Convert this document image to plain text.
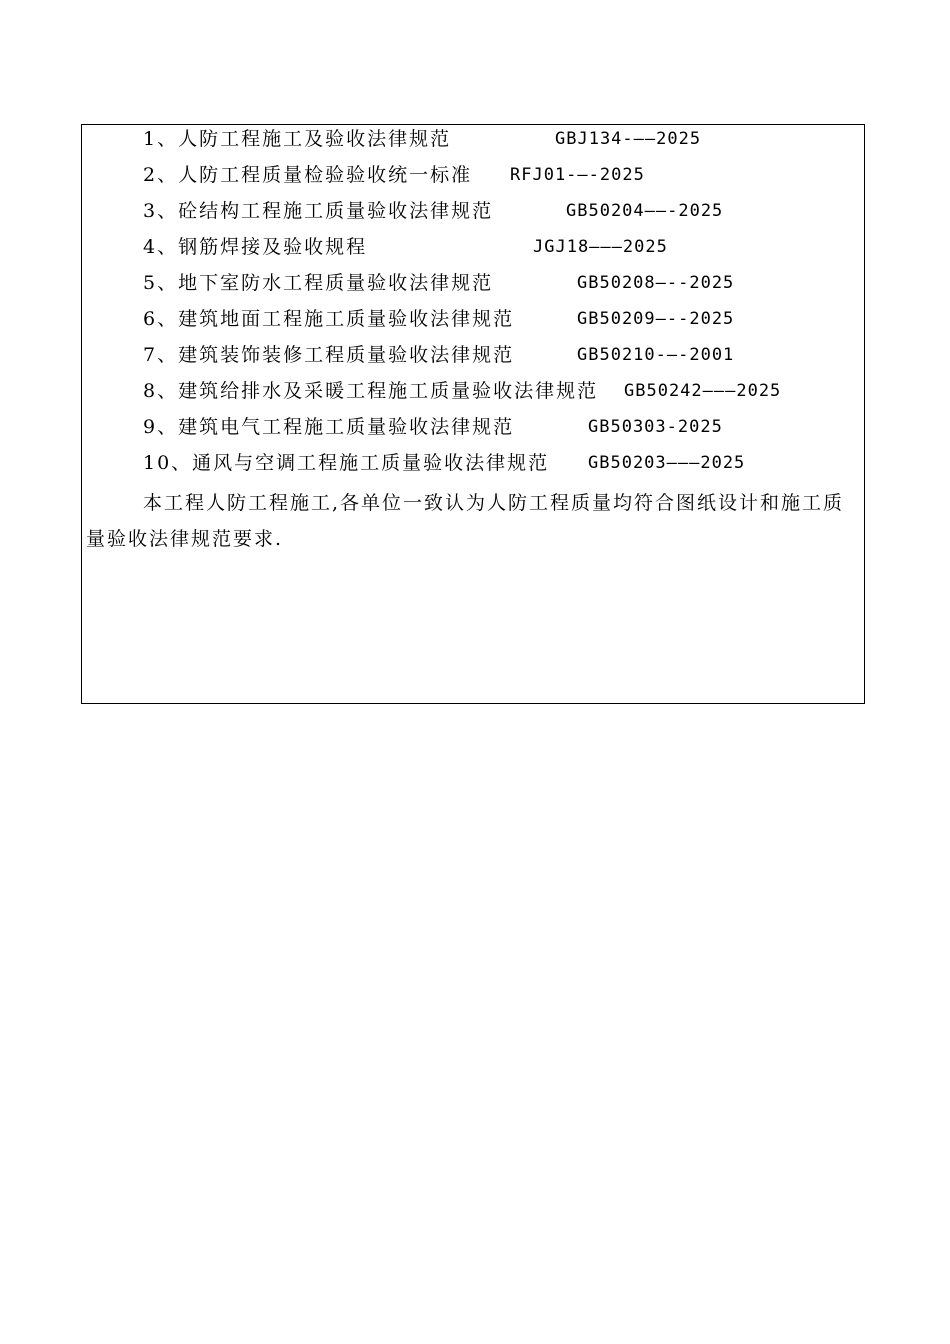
1、人防工程施工及验收法律规范	GBJ134-——2025
2、人防工程质量检验验收统一标准 RFJ01-—-2025
3、砼结构工程施工质量验收法律规范	GB50204——-2025
4、钢筋焊接及验收规程	JGJ18———2025
5、地下室防水工程质量验收法律规范	GB50208—--2025
6、建筑地面工程施工质量验收法律规范	GB50209—--2025
7、建筑装饰装修工程质量验收法律规范	GB50210-—-2001
8、建筑给排水及采暖工程施工质量验收法律规范 GB50242———2025
9、建筑电气工程施工质量验收法律规范	GB50303-2025
10、通风与空调工程施工质量验收法律规范 GB50203———2025

本工程人防工程施工,各单位一致认为人防工程质量均符合图纸设计和施工质量验收法律规范要求.
